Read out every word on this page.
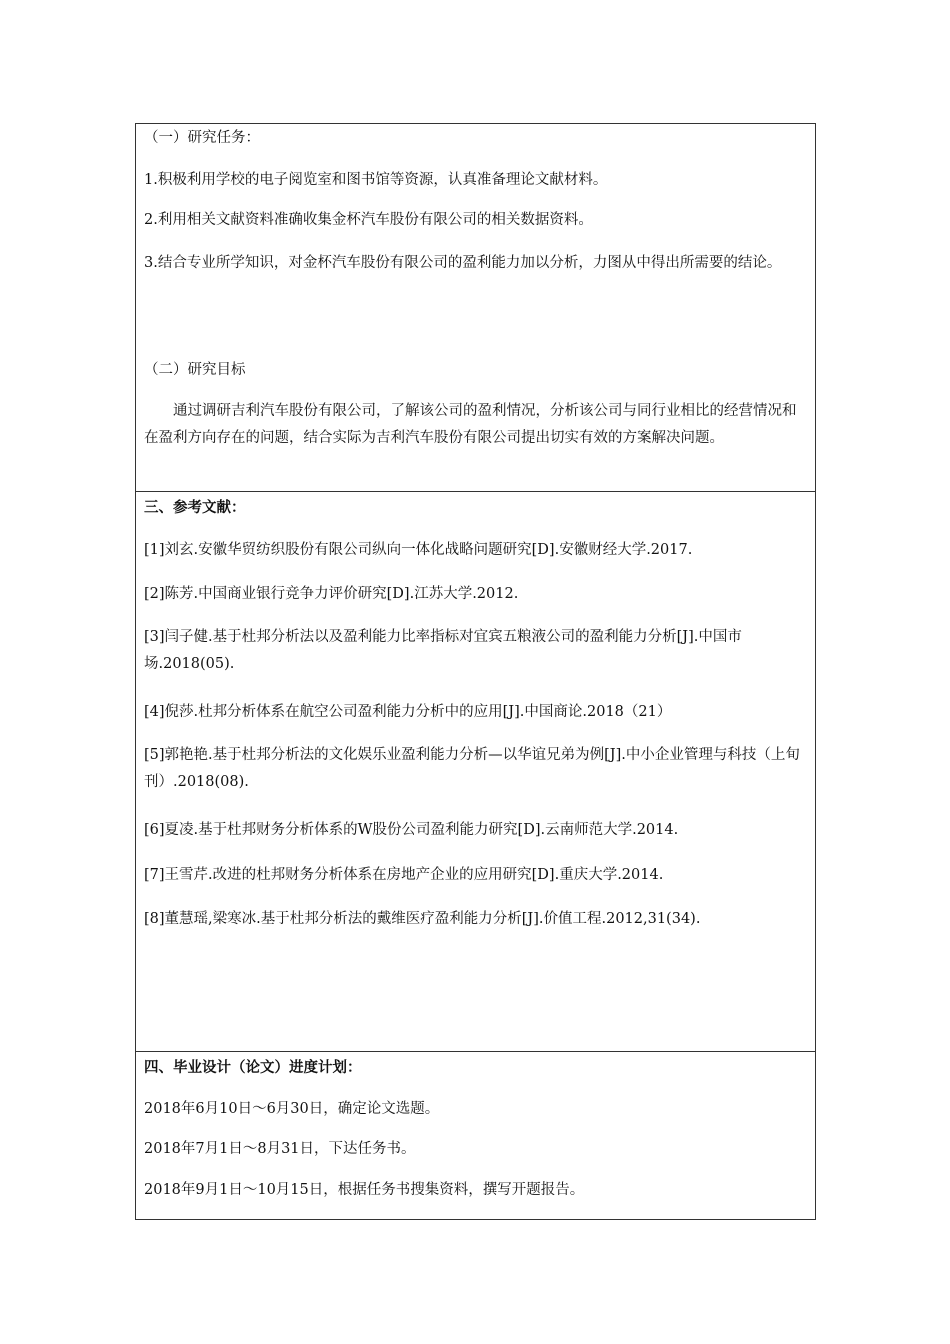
（一）研究任务：
1.积极利用学校的电子阅览室和图书馆等资源，认真准备理论文献材料。
2.利用相关文献资料准确收集金杯汽车股份有限公司的相关数据资料。
3.结合专业所学知识，对金杯汽车股份有限公司的盈利能力加以分析，力图从中得出所需要的结论。
（二）研究目标
通过调研吉利汽车股份有限公司，了解该公司的盈利情况，分析该公司与同行业相比的经营情况和在盈利方向存在的问题，结合实际为吉利汽车股份有限公司提出切实有效的方案解决问题。
三、参考文献：
[1]刘玄.安徽华贸纺织股份有限公司纵向一体化战略问题研究[D].安徽财经大学.2017.
[2]陈芳.中国商业银行竞争力评价研究[D].江苏大学.2012.
[3]闫子健.基于杜邦分析法以及盈利能力比率指标对宜宾五粮液公司的盈利能力分析[J].中国市场.2018(05).
[4]倪莎.杜邦分析体系在航空公司盈利能力分析中的应用[J].中国商论.2018（21）
[5]郭艳艳.基于杜邦分析法的文化娱乐业盈利能力分析—以华谊兄弟为例[J].中小企业管理与科技（上旬刊）.2018(08).
[6]夏凌.基于杜邦财务分析体系的W股份公司盈利能力研究[D].云南师范大学.2014.
[7]王雪芹.改进的杜邦财务分析体系在房地产企业的应用研究[D].重庆大学.2014.
[8]董慧瑶,梁寒冰.基于杜邦分析法的戴维医疗盈利能力分析[J].价值工程.2012,31(34).
四、毕业设计（论文）进度计划：
2018年6月10日～6月30日，确定论文选题。
2018年7月1日～8月31日，下达任务书。
2018年9月1日～10月15日，根据任务书搜集资料，撰写开题报告。
